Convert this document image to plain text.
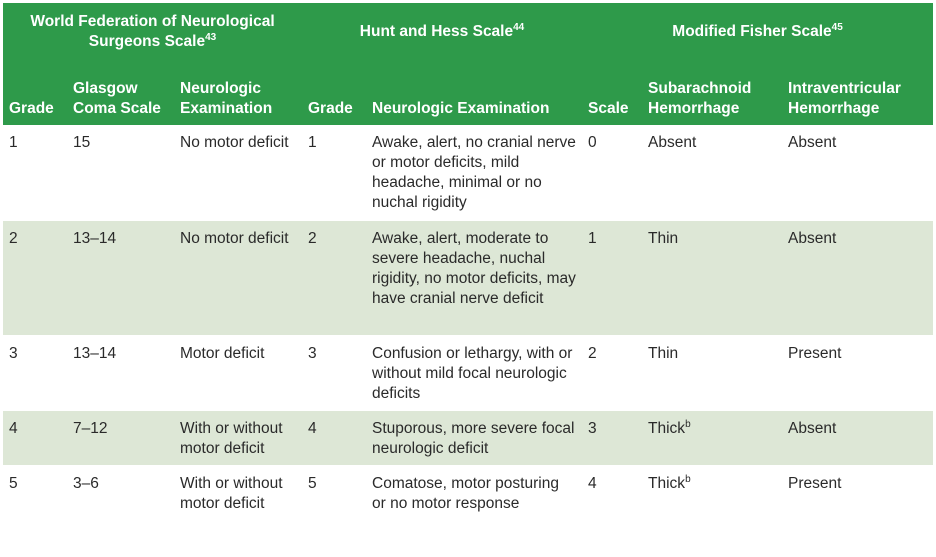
World Federation of Neurological Surgeons Scale$^{43}$			Hunt and Hess Scale$^{44}$		Modified Fisher Scale$^{45}$

Grade	Glasgow Coma Scale	Neurologic Examination	Grade	Neurologic Examination	Scale	Subarachnoid Hemorrhage	Intraventricular Hemorrhage
1	15	No motor deficit	1	Awake, alert, no cranial nerve or motor deficits, mild headache, minimal or no nuchal rigidity	0	Absent	Absent
2	13–14	No motor deficit	2	Awake, alert, moderate to severe headache, nuchal rigidity, no motor deficits, may have cranial nerve deficit	1	Thin	Absent
3	13–14	Motor deficit	3	Confusion or lethargy, with or without mild focal neurologic deficits	2	Thin	Present
4	7–12	With or without motor deficit	4	Stuporous, more severe focal neurologic deficit	3	Thick$^b$	Absent
5	3–6	With or without motor deficit	5	Comatose, motor posturing or no motor response	4	Thick$^b$	Present
